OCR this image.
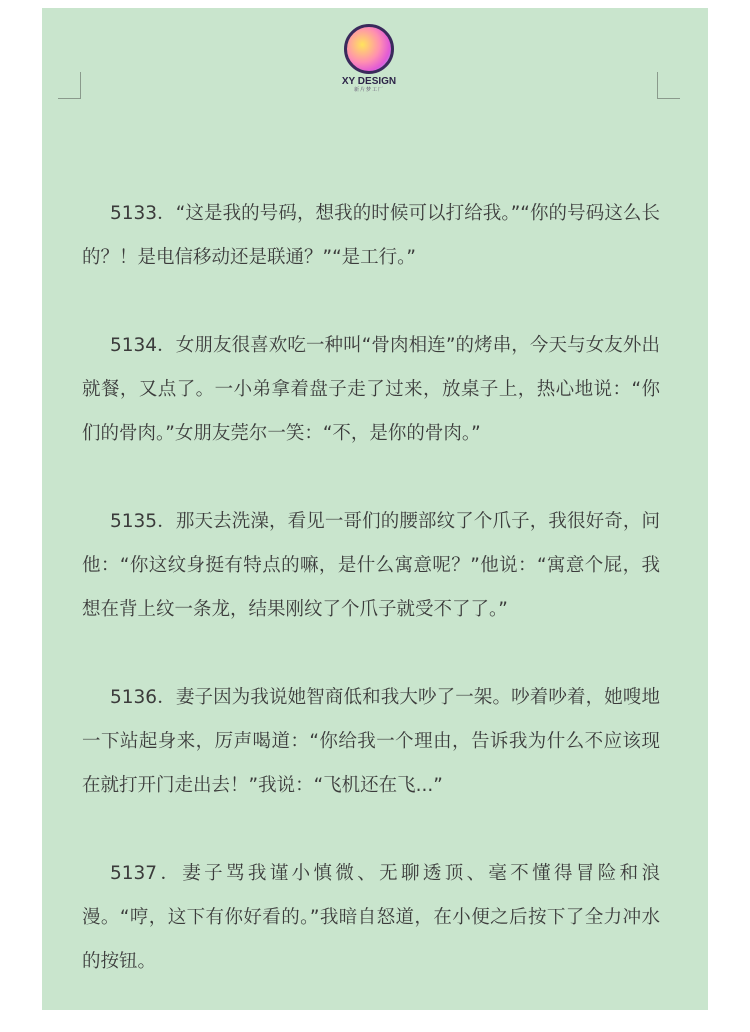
XY DESIGN
新片梦工厂

5133．“这是我的号码，想我的时候可以打给我。”“你的号码这么长的？！是电信移动还是联通？”“是工行。”

5134．女朋友很喜欢吃一种叫“骨肉相连”的烤串，今天与女友外出就餐，又点了。一小弟拿着盘子走了过来，放桌子上，热心地说：“你们的骨肉。”女朋友莞尔一笑：“不，是你的骨肉。”

5135．那天去洗澡，看见一哥们的腰部纹了个爪子，我很好奇，问他：“你这纹身挺有特点的嘛，是什么寓意呢？”他说：“寓意个屁，我想在背上纹一条龙，结果刚纹了个爪子就受不了了。”

5136．妻子因为我说她智商低和我大吵了一架。吵着吵着，她嗖地一下站起身来，厉声喝道：“你给我一个理由，告诉我为什么不应该现在就打开门走出去！”我说：“飞机还在飞...”

5137．妻子骂我谨小慎微、无聊透顶、毫不懂得冒险和浪漫。“哼，这下有你好看的。”我暗自怒道，在小便之后按下了全力冲水的按钮。
